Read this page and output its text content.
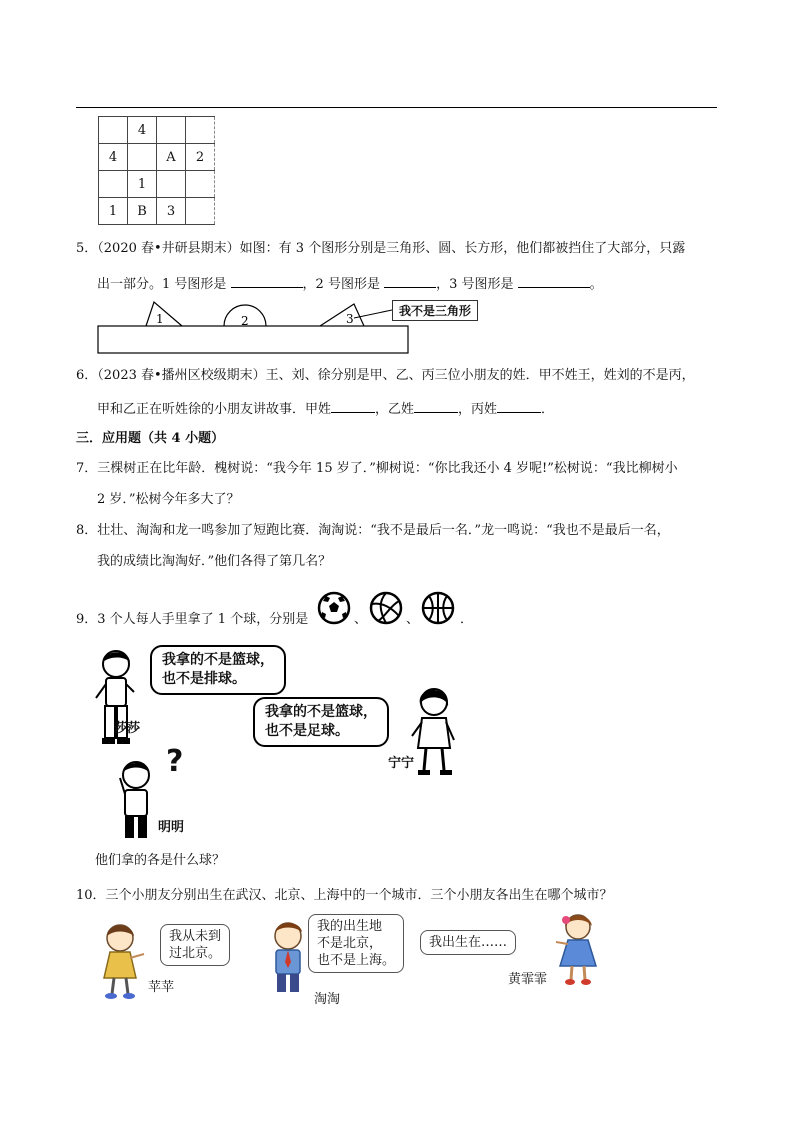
	4		
4		A	2
	1		
1	B	3	
5．（2020 春•井研县期末）如图：有 3 个图形分别是三角形、圆、长方形，他们都被挡住了大部分，只露
出一部分。1 号图形是	，2 号图形是	，3 号图形是	。
1	2	3
我不是三角形
6．（2023 春•播州区校级期末）王、刘、徐分别是甲、乙、丙三位小朋友的姓．甲不姓王，姓刘的不是丙，
甲和乙正在听姓徐的小朋友讲故事．甲姓	，乙姓	，丙姓	．
三．应用题（共 4 小题）
7．三棵树正在比年龄．槐树说：“我今年 15 岁了．”柳树说：“你比我还小 4 岁呢!”松树说：“我比柳树小
2 岁．”松树今年多大了？
8．壮壮、淘淘和龙一鸣参加了短跑比赛．淘淘说：“我不是最后一名．”龙一鸣说：“我也不是最后一名，
我的成绩比淘淘好．”他们各得了第几名？
9．3 个人每人手里拿了 1 个球，分别是	、	、	．
我拿的不是篮球，
也不是排球。
莎莎
我拿的不是篮球，
也不是足球。
宁宁
?
明明
他们拿的各是什么球？
10．三个小朋友分别出生在武汉、北京、上海中的一个城市．三个小朋友各出生在哪个城市？
我从未到
过北京。
苹苹
我的出生地
不是北京，
也不是上海。
淘淘
我出生在……
黄霏霏
